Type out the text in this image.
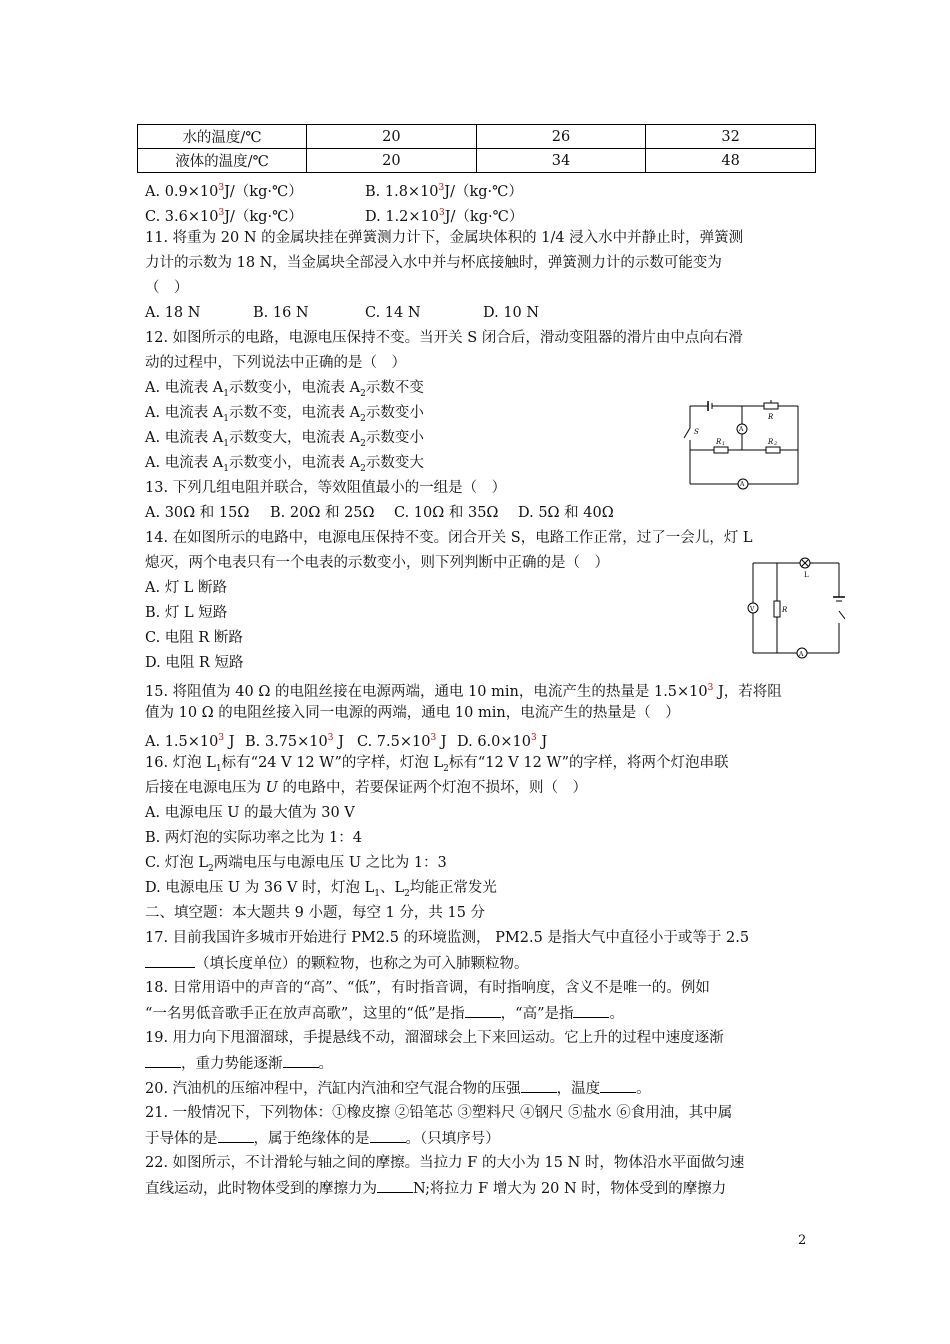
水的温度/℃	20	26	32
液体的温度/℃	20	34	48
A. $0.9\times 10^3J/(kg\cdot℃)$	B. $1.8\times 10^3J/(kg\cdot℃)$
C. $3.6\times 10^3J/(kg\cdot℃)$	D. $1.2\times 10^3J/(kg\cdot℃)$
11. 将重为 20 N 的金属块挂在弹簧测力计下，金属块体积的 1/4 浸入水中并静止时，弹簧测
力计的示数为 18 N，当金属块全部浸入水中并与杯底接触时，弹簧测力计的示数可能变为
（　）
A. 18 N	B. 16 N	C. 14 N	D. 10 N
12. 如图所示的电路，电源电压保持不变。当开关 S 闭合后，滑动变阻器的滑片由中点向右滑
动的过程中，下列说法中正确的是（　）
A. 电流表 $A_1$示数变小，电流表 $A_2$示数不变
A. 电流表 $A_1$示数不变，电流表 $A_2$示数变小
A. 电流表 $A_1$示数变大，电流表 $A_2$示数变小
A. 电流表 $A_1$示数变小，电流表 $A_2$示数变大
S
R
R 1	R 2
A
A
13. 下列几组电阻并联合，等效阻值最小的一组是（　）
A. 30Ω 和 15Ω B. 20Ω 和 25Ω C. 10Ω 和 35Ω D. 5Ω 和 40Ω
14. 在如图所示的电路中，电源电压保持不变。闭合开关 S，电路工作正常，过了一会儿，灯 L
熄灭，两个电表只有一个电表的示数变小，则下列判断中正确的是（　）
A. 灯 L 断路
B. 灯 L 短路
C. 电阻 R 断路
D. 电阻 R 短路
L
R
V
A
15. 将阻值为 40 Ω 的电阻丝接在电源两端，通电 10 min，电流产生的热量是 $1.5\times 10^3$ J，若将阻
值为 10 Ω 的电阻丝接入同一电源的两端，通电 10 min，电流产生的热量是（　）
A. $1.5\times 10^3$ J B. $3.75\times 10^3$ J C. $7.5\times 10^3$ J D. $6.0\times 10^3$ J
16. 灯泡 $L_1$标有“24 V 12 W”的字样，灯泡 $L_2$标有“12 V 12 W”的字样，将两个灯泡串联
后接在电源电压为 U 的电路中，若要保证两个灯泡不损坏，则（　）
A. 电源电压 U 的最大值为 30 V
B. 两灯泡的实际功率之比为 1：4
C. 灯泡 $L_2$两端电压与电源电压 U 之比为 1：3
D. 电源电压 U 为 36 V 时，灯泡 $L_1$、$L_2$均能正常发光
二、填空题：本大题共 9 小题，每空 1 分，共 15 分
17. 目前我国许多城市开始进行 PM2.5 的环境监测， PM2.5 是指大气中直径小于或等于 2.5
（填长度单位）的颗粒物，也称之为可入肺颗粒物。
18. 日常用语中的声音的“高”、“低”，有时指音调，有时指响度，含义不是唯一的。例如
“一名男低音歌手正在放声高歌”，这里的“低”是指 ，“高”是指 。
19. 用力向下甩溜溜球，手提悬线不动，溜溜球会上下来回运动。它上升的过程中速度逐渐
，重力势能逐渐 。
20. 汽油机的压缩冲程中，汽缸内汽油和空气混合物的压强 ，温度 。
21. 一般情况下，下列物体：①橡皮擦 ②铅笔芯 ③塑料尺 ④钢尺 ⑤盐水 ⑥食用油，其中属
于导体的是 ，属于绝缘体的是 。（只填序号）
22. 如图所示，不计滑轮与轴之间的摩擦。当拉力 F 的大小为 15 N 时，物体沿水平面做匀速
直线运动，此时物体受到的摩擦力为 N;将拉力 F 增大为 20 N 时，物体受到的摩擦力
2
